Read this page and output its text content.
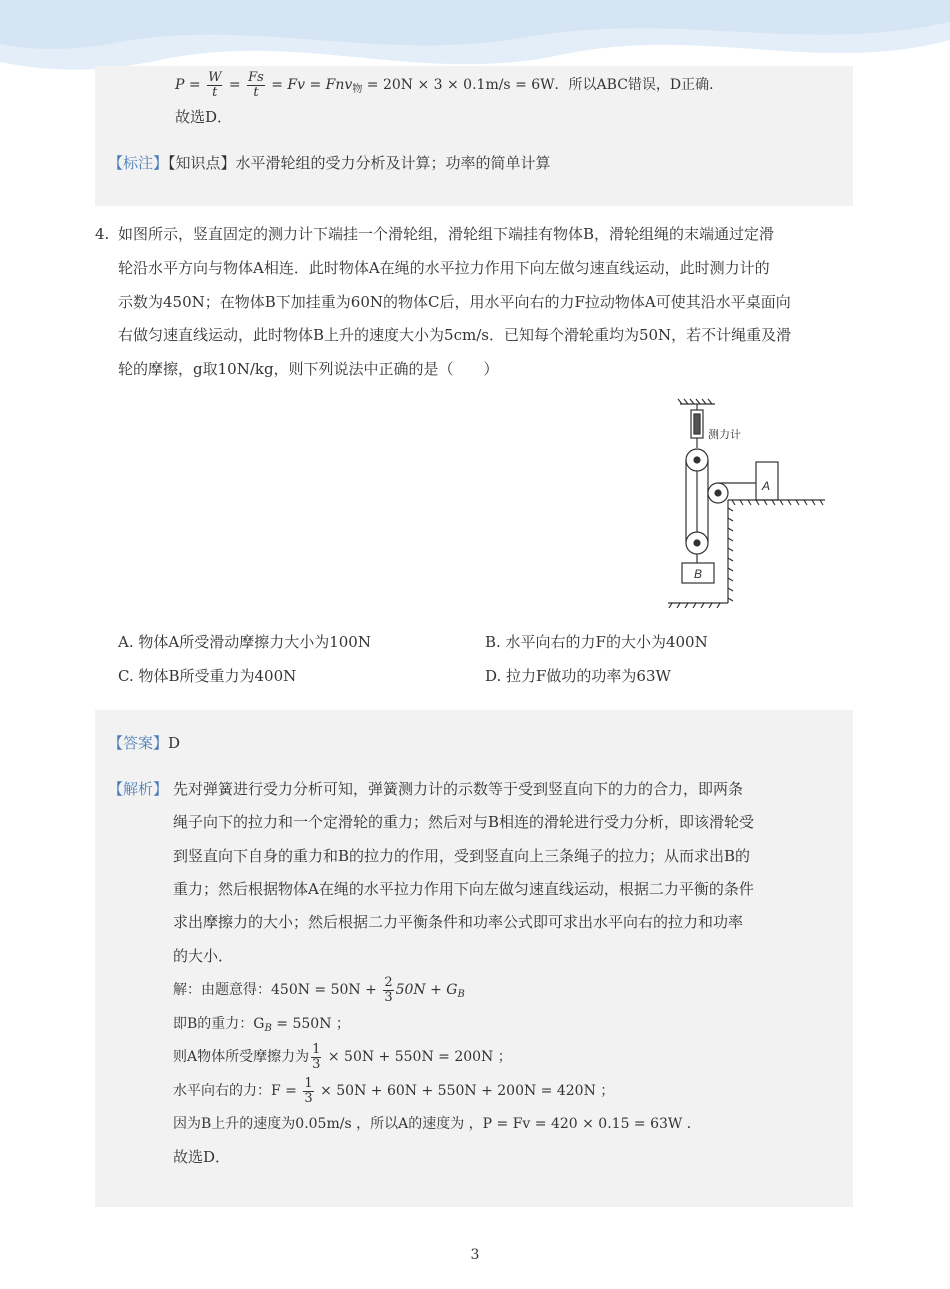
$P = \frac{W}{t} = \frac{Fs}{t} = Fv = Fnv_物 = 20N \times 3 \times 0.1m/s = 6W$．所以ABC错误，D正确．
故选D．
【标注】【知识点】水平滑轮组的受力分析及计算；功率的简单计算
4. 如图所示，竖直固定的测力计下端挂一个滑轮组，滑轮组下端挂有物体B，滑轮组绳的末端通过定滑
轮沿水平方向与物体A相连．此时物体A在绳的水平拉力作用下向左做匀速直线运动，此时测力计的
示数为450N；在物体B下加挂重为60N的物体C后，用水平向右的力F拉动物体A可使其沿水平桌面向
右做匀速直线运动，此时物体B上升的速度大小为5cm/s．已知每个滑轮重均为50N，若不计绳重及滑
轮的摩擦，g取10N/kg，则下列说法中正确的是（　　）
测力计
A
B
A. 物体A所受滑动摩擦力大小为100N	B. 水平向右的力F的大小为400N
C. 物体B所受重力为400N	D. 拉力F做功的功率为63W
【答案】D
【解析】 先对弹簧进行受力分析可知，弹簧测力计的示数等于受到竖直向下的力的合力，即两条
绳子向下的拉力和一个定滑轮的重力；然后对与B相连的滑轮进行受力分析，即该滑轮受
到竖直向下自身的重力和B的拉力的作用，受到竖直向上三条绳子的拉力；从而求出B的
重力；然后根据物体A在绳的水平拉力作用下向左做匀速直线运动，根据二力平衡的条件
求出摩擦力的大小；然后根据二力平衡条件和功率公式即可求出水平向右的拉力和功率
的大小．
解：由题意得：$450N = 50N + \frac{2}{3} 50N + G_B$
即B的重力：$G_B = 550N$ ；
则A物体所受摩擦力为 $\frac{1}{3} \times 50N + 550N = 200N$ ；
水平向右的力：$F = \frac{1}{3} \times 50N + 60N + 550N + 200N = 420N$ ；
因为B上升的速度为0.05m/s ，所以A的速度为 ，P = Fv = 420 × 0.15 = 63W ．
故选D．
3
